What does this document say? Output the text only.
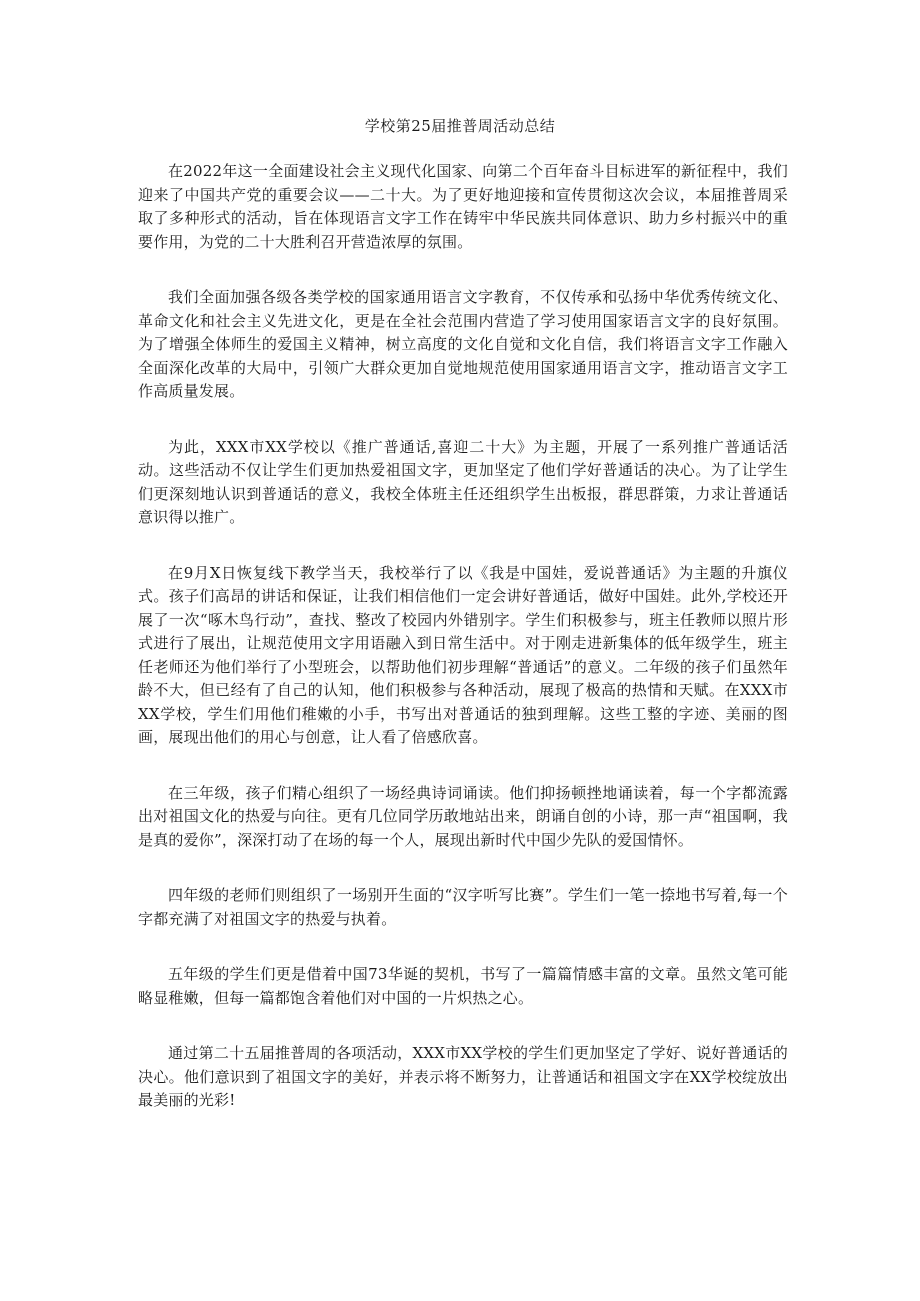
学校第25届推普周活动总结

在2022年这一全面建设社会主义现代化国家、向第二个百年奋斗目标进军的新征程中，我们迎来了中国共产党的重要会议——二十大。为了更好地迎接和宣传贯彻这次会议，本届推普周采取了多种形式的活动，旨在体现语言文字工作在铸牢中华民族共同体意识、助力乡村振兴中的重要作用，为党的二十大胜利召开营造浓厚的氛围。

我们全面加强各级各类学校的国家通用语言文字教育，不仅传承和弘扬中华优秀传统文化、革命文化和社会主义先进文化，更是在全社会范围内营造了学习使用国家语言文字的良好氛围。为了增强全体师生的爱国主义精神，树立高度的文化自觉和文化自信，我们将语言文字工作融入全面深化改革的大局中，引领广大群众更加自觉地规范使用国家通用语言文字，推动语言文字工作高质量发展。

为此，XXX市XX学校以《推广普通话,喜迎二十大》为主题，开展了一系列推广普通话活动。这些活动不仅让学生们更加热爱祖国文字，更加坚定了他们学好普通话的决心。为了让学生们更深刻地认识到普通话的意义，我校全体班主任还组织学生出板报，群思群策，力求让普通话意识得以推广。

在9月X日恢复线下教学当天，我校举行了以《我是中国娃，爱说普通话》为主题的升旗仪式。孩子们高昂的讲话和保证，让我们相信他们一定会讲好普通话，做好中国娃。此外,学校还开展了一次“啄木鸟行动”，查找、整改了校园内外错别字。学生们积极参与，班主任教师以照片形式进行了展出，让规范使用文字用语融入到日常生活中。对于刚走进新集体的低年级学生，班主任老师还为他们举行了小型班会，以帮助他们初步理解“普通话”的意义。二年级的孩子们虽然年龄不大，但已经有了自己的认知，他们积极参与各种活动，展现了极高的热情和天赋。在XXX市XX学校，学生们用他们稚嫩的小手，书写出对普通话的独到理解。这些工整的字迹、美丽的图画，展现出他们的用心与创意，让人看了倍感欣喜。

在三年级，孩子们精心组织了一场经典诗词诵读。他们抑扬顿挫地诵读着，每一个字都流露出对祖国文化的热爱与向往。更有几位同学历敢地站出来，朗诵自创的小诗，那一声“祖国啊，我是真的爱你”，深深打动了在场的每一个人，展现出新时代中国少先队的爱国情怀。

四年级的老师们则组织了一场别开生面的“汉字听写比赛”。学生们一笔一捺地书写着,每一个字都充满了对祖国文字的热爱与执着。

五年级的学生们更是借着中国73华诞的契机，书写了一篇篇情感丰富的文章。虽然文笔可能略显稚嫩，但每一篇都饱含着他们对中国的一片炽热之心。

通过第二十五届推普周的各项活动，XXX市XX学校的学生们更加坚定了学好、说好普通话的决心。他们意识到了祖国文字的美好，并表示将不断努力，让普通话和祖国文字在XX学校绽放出最美丽的光彩!
